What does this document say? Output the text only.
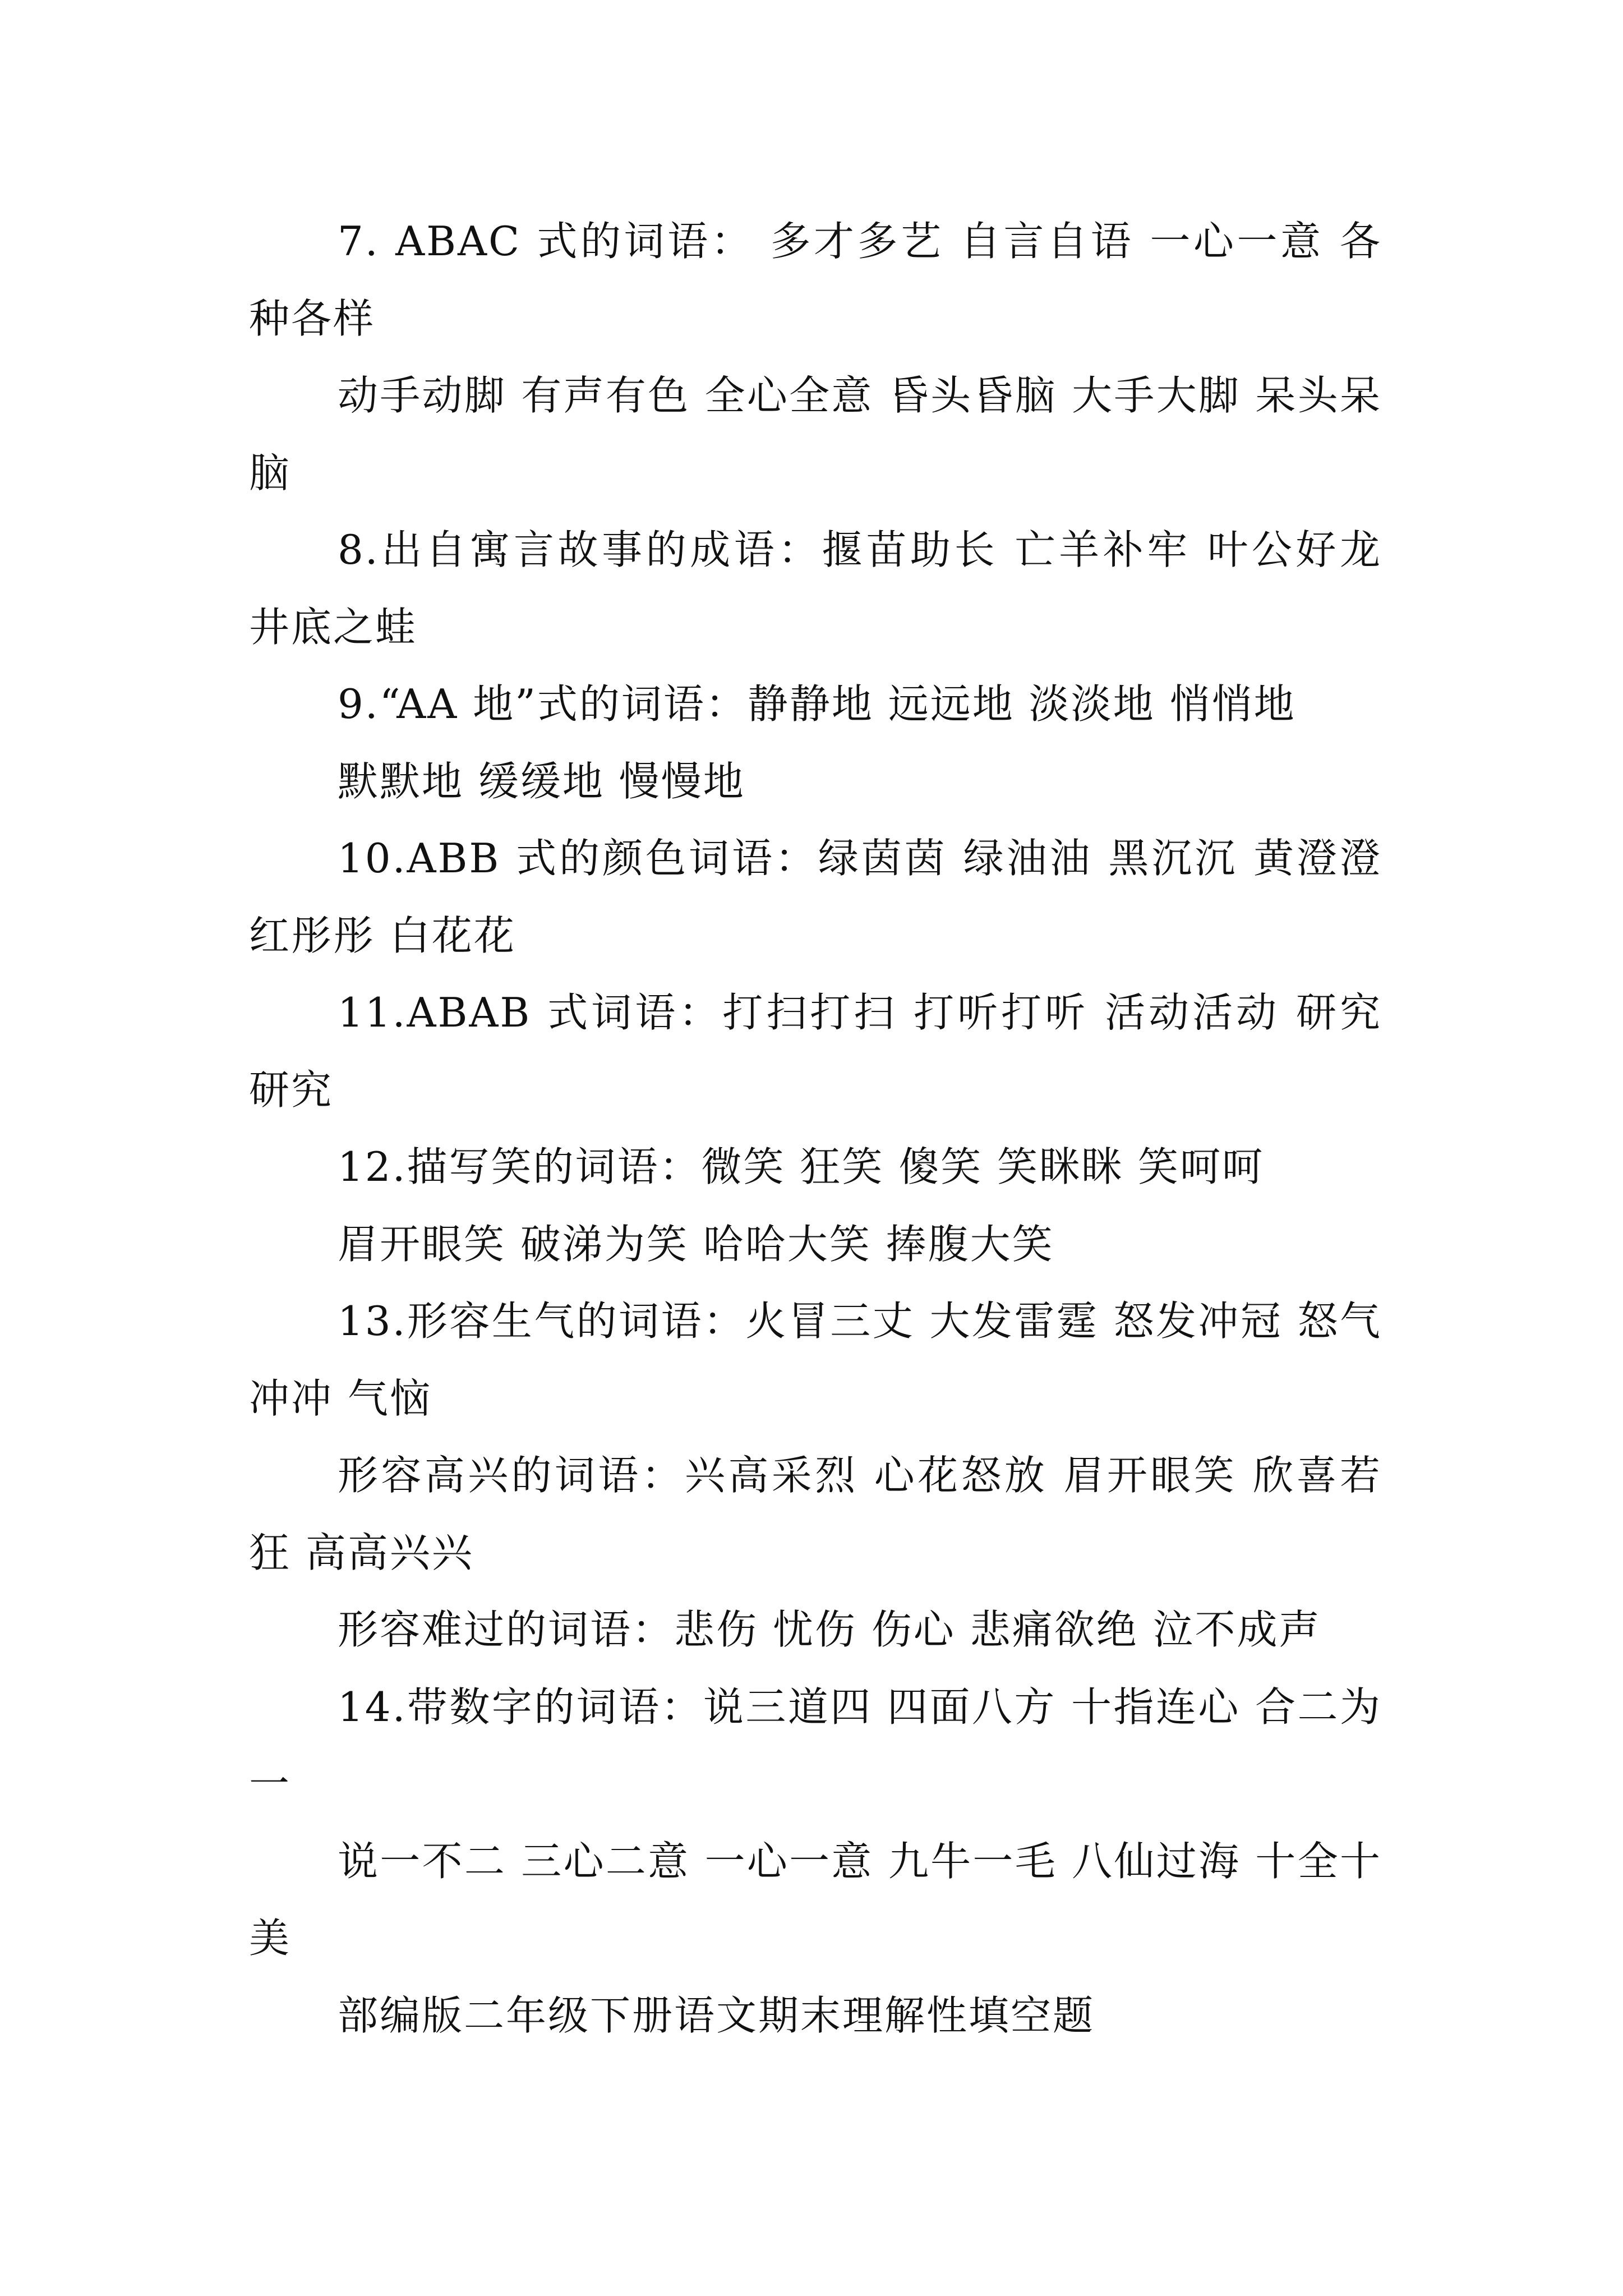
7. ABAC 式的词语： 多才多艺 自言自语 一心一意 各种各样

动手动脚 有声有色 全心全意 昏头昏脑 大手大脚 呆头呆脑

8.出自寓言故事的成语：揠苗助长 亡羊补牢 叶公好龙 井底之蛙

9.“AA 地”式的词语：静静地 远远地 淡淡地 悄悄地

默默地 缓缓地 慢慢地

10.ABB 式的颜色词语：绿茵茵 绿油油 黑沉沉 黄澄澄 红彤彤 白花花

11.ABAB 式词语：打扫打扫 打听打听 活动活动 研究研究

12.描写笑的词语：微笑 狂笑 傻笑 笑眯眯 笑呵呵

眉开眼笑 破涕为笑 哈哈大笑 捧腹大笑

13.形容生气的词语：火冒三丈 大发雷霆 怒发冲冠 怒气冲冲 气恼

形容高兴的词语：兴高采烈 心花怒放 眉开眼笑 欣喜若狂 高高兴兴

形容难过的词语：悲伤 忧伤 伤心 悲痛欲绝 泣不成声

14.带数字的词语：说三道四 四面八方 十指连心 合二为一

说一不二 三心二意 一心一意 九牛一毛 八仙过海 十全十美

部编版二年级下册语文期末理解性填空题
